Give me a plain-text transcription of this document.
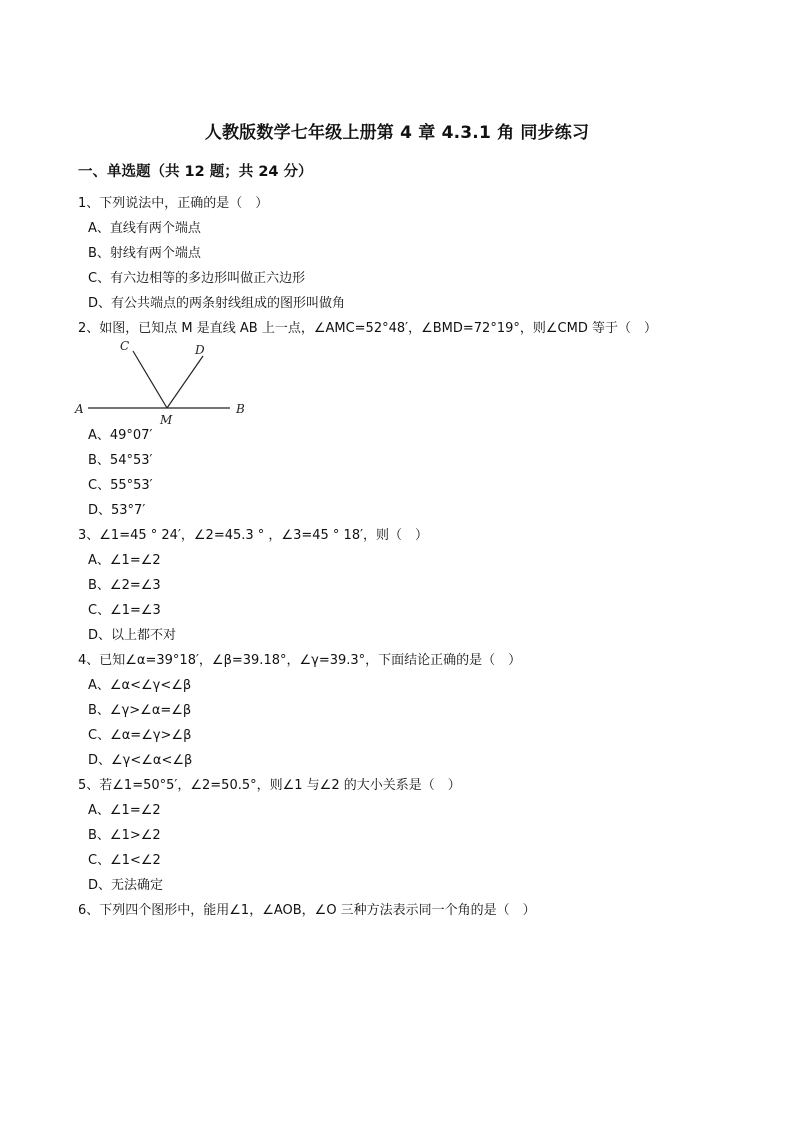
人教版数学七年级上册第 4 章 4.3.1 角 同步练习
一、单选题（共 12 题；共 24 分）
1、下列说法中，正确的是（　）
A、直线有两个端点
B、射线有两个端点
C、有六边相等的多边形叫做正六边形
D、有公共端点的两条射线组成的图形叫做角
2、如图，已知点 M 是直线 AB 上一点，∠AMC=52°48′，∠BMD=72°19°，则∠CMD 等于（　）
A	B
C	D
M
A、49°07′
B、54°53′
C、55°53′
D、53°7′
3、∠1=45 ° 24′，∠2=45.3 ° ，∠3=45 ° 18′，则（　）
A、∠1=∠2
B、∠2=∠3
C、∠1=∠3
D、以上都不对
4、已知∠α=39°18′，∠β=39.18°，∠γ=39.3°，下面结论正确的是（　）
A、∠α<∠γ<∠β
B、∠γ>∠α=∠β
C、∠α=∠γ>∠β
D、∠γ<∠α<∠β
5、若∠1=50°5′，∠2=50.5°，则∠1 与∠2 的大小关系是（　）
A、∠1=∠2
B、∠1>∠2
C、∠1<∠2
D、无法确定
6、下列四个图形中，能用∠1，∠AOB，∠O 三种方法表示同一个角的是（　）
